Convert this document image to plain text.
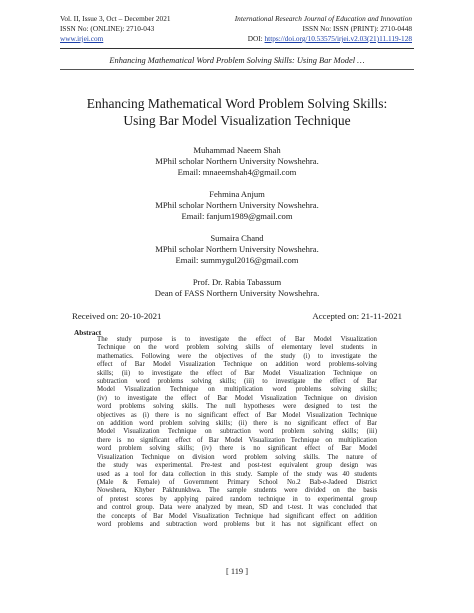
Vol. II, Issue 3, Oct – December 2021
ISSN No: (ONLINE): 2710-043
www.irjei.com
International Research Journal of Education and Innovation
ISSN No: ISSN (PRINT): 2710-0448
DOI: https://doi.org/10.53575/irjei.v2.03(21)11.119-128
Enhancing Mathematical Word Problem Solving Skills: Using Bar Model …
Enhancing Mathematical Word Problem Solving Skills:
Using Bar Model Visualization Technique
Muhammad Naeem Shah
MPhil scholar Northern University Nowshehra.
Email: mnaeemshah4@gmail.com
Fehmina Anjum
MPhil scholar Northern University Nowshehra.
Email: fanjum1989@gmail.com
Sumaira Chand
MPhil scholar Northern University Nowshehra.
Email: summygul2016@gmail.com
Prof. Dr. Rabia Tabassum
Dean of FASS Northern University Nowshehra.
Received on: 20-10-2021	Accepted on: 21-11-2021
Abstract
The study purpose is to investigate the effect of Bar Model Visualization
Technique on the word problem solving skills of elementary level students in
mathematics. Following were the objectives of the study (i) to investigate the
effect of Bar Model Visualization Technique on addition word problems-solving
skills; (ii) to investigate the effect of Bar Model Visualization Technique on
subtraction word problems solving skills; (iii) to investigate the effect of Bar
Model Visualization Technique on multiplication word problems solving skills;
(iv) to investigate the effect of Bar Model Visualization Technique on division
word problems solving skills. The null hypotheses were designed to test the
objectives as (i) there is no significant effect of Bar Model Visualization Technique
on addition word problem solving skills; (ii) there is no significant effect of Bar
Model Visualization Technique on subtraction word problem solving skills; (iii)
there is no significant effect of Bar Model Visualization Technique on multiplication
word problem solving skills; (iv) there is no significant effect of Bar Model
Visualization Technique on division word problem solving skills. The nature of
the study was experimental. Pre-test and post-test equivalent group design was
used as a tool for data collection in this study. Sample of the study was 40 students
(Male & Female) of Government Primary School No.2 Bab-e-Jadeed District
Nowshera, Khyber Pakhtunkhwa. The sample students were divided on the basis
of pretest scores by applying paired random technique in to experimental group
and control group. Data were analyzed by mean, SD and t-test. It was concluded that
the concepts of Bar Model Visualization Technique had significant effect on addition
word problems and subtraction word problems but it has not significant effect on
[ 119 ]
